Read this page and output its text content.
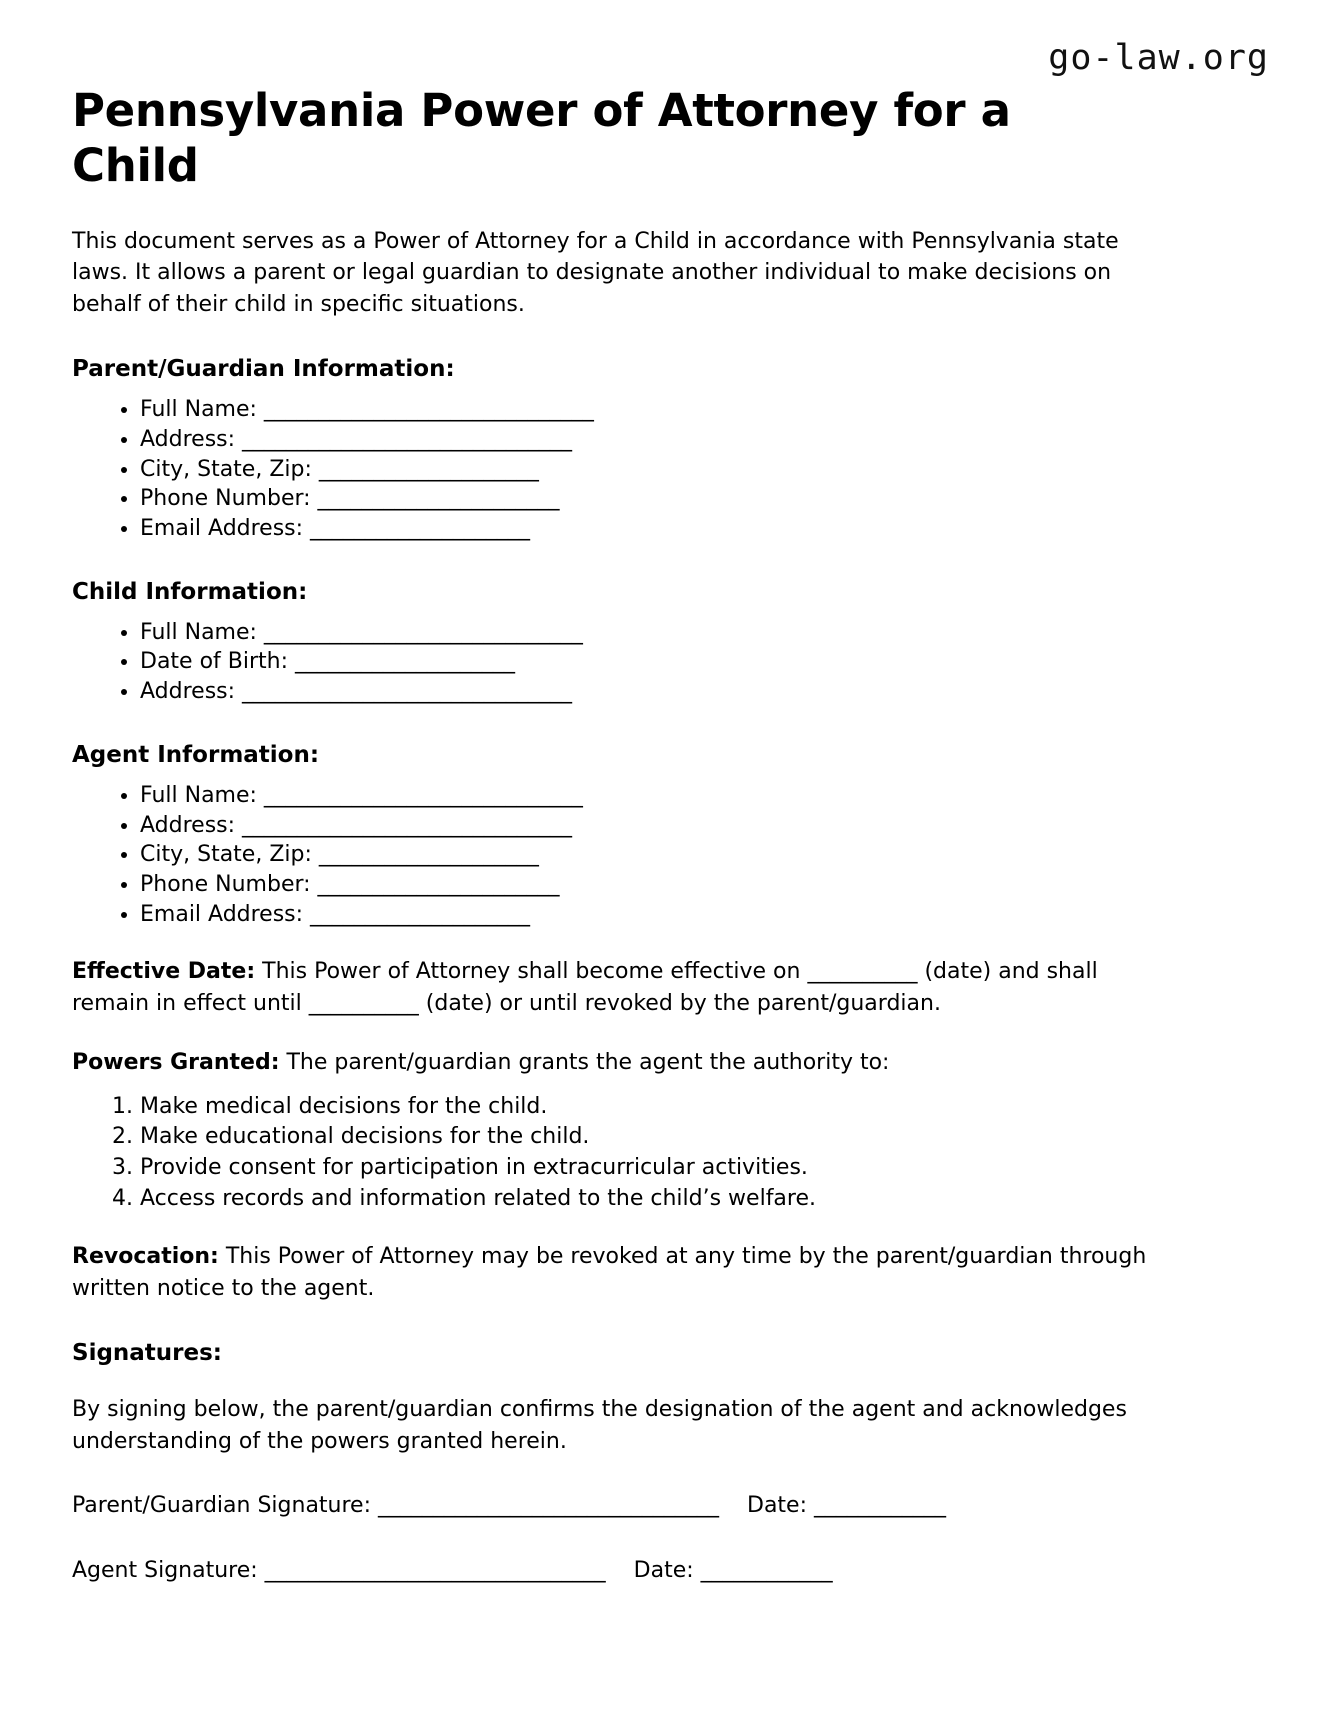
go-law.org
Pennsylvania Power of Attorney for a Child

This document serves as a Power of Attorney for a Child in accordance with Pennsylvania state laws. It allows a parent or legal guardian to designate another individual to make decisions on behalf of their child in specific situations.

Parent/Guardian Information:
• Full Name: ______________________________
• Address: ______________________________
• City, State, Zip: ____________________
• Phone Number: ______________________
• Email Address: ____________________
Child Information:
• Full Name: _____________________________
• Date of Birth: ____________________
• Address: ______________________________
Agent Information:
• Full Name: _____________________________
• Address: ______________________________
• City, State, Zip: ____________________
• Phone Number: ______________________
• Email Address: ____________________

Effective Date: This Power of Attorney shall become effective on __________ (date) and shall remain in effect until __________ (date) or until revoked by the parent/guardian.

Powers Granted: The parent/guardian grants the agent the authority to:

1. Make medical decisions for the child.
2. Make educational decisions for the child.
3. Provide consent for participation in extracurricular activities.
4. Access records and information related to the child’s welfare.

Revocation: This Power of Attorney may be revoked at any time by the parent/guardian through written notice to the agent.

Signatures:

By signing below, the parent/guardian confirms the designation of the agent and acknowledges understanding of the powers granted herein.

Parent/Guardian Signature: _______________________________ Date: ____________

Agent Signature: _______________________________ Date: ____________
